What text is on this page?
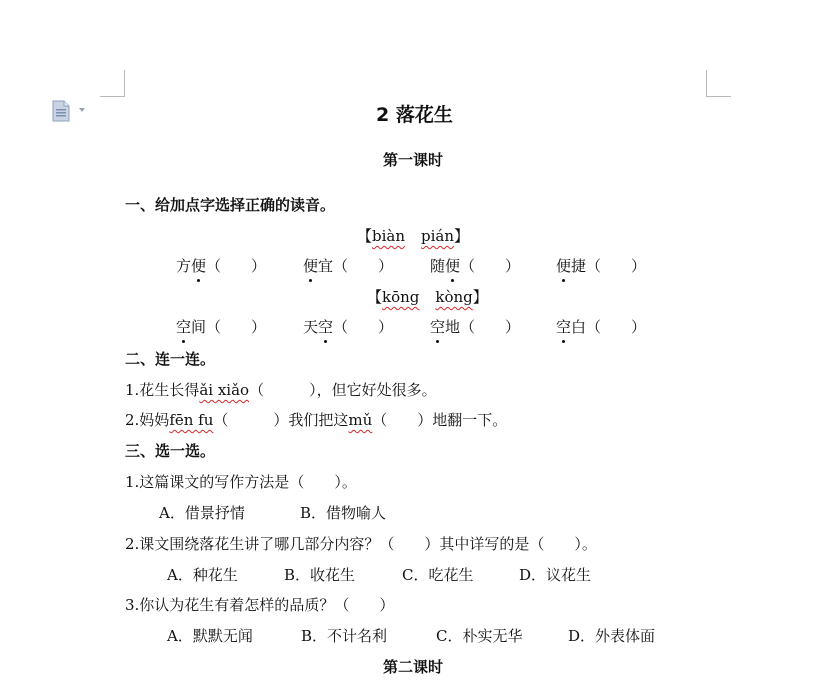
2 落花生
第一课时
一、给加点字选择正确的读音。
【biàn pián】
方便（　　） 便宜（　　） 随便（　　） 便捷（　　）
【kōng kòng】
空间（　　） 天空（　　） 空地（　　） 空白（　　）
二、连一连。
1.花生长得ǎi xiǎo（　　　），但它好处很多。
2.妈妈fēn fu（　　　）我们把这mǔ（　　）地翻一下。
三、选一选。
1.这篇课文的写作方法是（　　）。
A．借景抒情	B．借物喻人
2.课文围绕落花生讲了哪几部分内容？（　　）其中详写的是（　　）。
A．种花生	B．收花生	C．吃花生	D．议花生
3.你认为花生有着怎样的品质？（　　）
A．默默无闻	B．不计名利	C．朴实无华	D．外表体面
第二课时
